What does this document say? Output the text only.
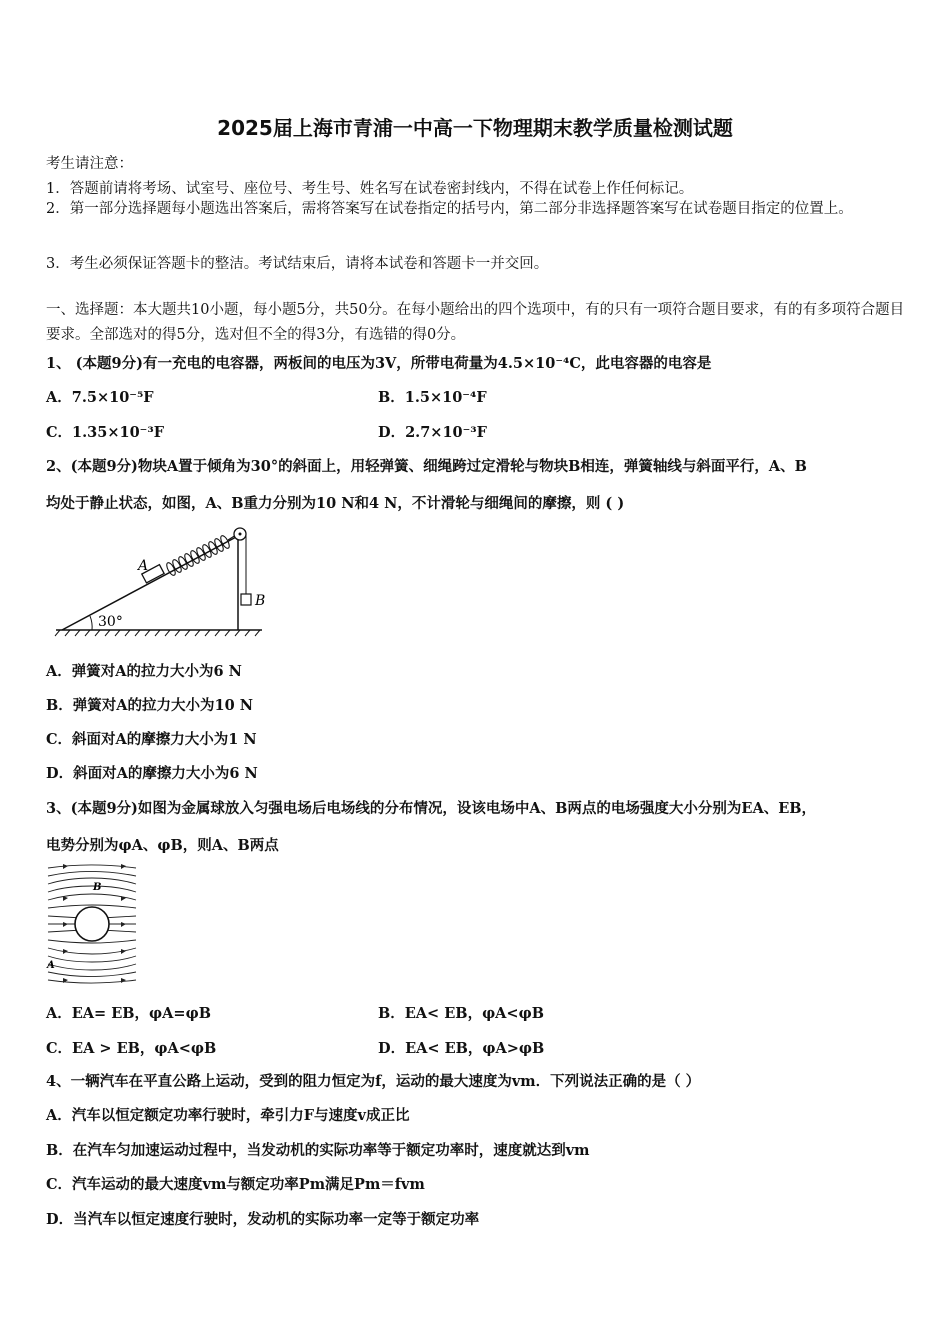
2025届上海市青浦一中高一下物理期末教学质量检测试题
考生请注意：
1．答题前请将考场、试室号、座位号、考生号、姓名写在试卷密封线内，不得在试卷上作任何标记。
2．第一部分选择题每小题选出答案后，需将答案写在试卷指定的括号内，第二部分非选择题答案写在试卷题目指定的位置上。
3．考生必须保证答题卡的整洁。考试结束后，请将本试卷和答题卡一并交回。
一、选择题：本大题共10小题，每小题5分，共50分。在每小题给出的四个选项中，有的只有一项符合题目要求，有的有多项符合题目要求。全部选对的得5分，选对但不全的得3分，有选错的得0分。
1、 (本题9分)有一充电的电容器，两板间的电压为3V，所带电荷量为4.5×10⁻⁴C，此电容器的电容是
A．7.5×10⁻⁵F	B．1.5×10⁻⁴F
C．1.35×10⁻³F	D．2.7×10⁻³F
2、(本题9分)物块A置于倾角为30°的斜面上，用轻弹簧、细绳跨过定滑轮与物块B相连，弹簧轴线与斜面平行，A、B
均处于静止状态，如图，A、B重力分别为10 N和4 N，不计滑轮与细绳间的摩擦，则 ( )
30°
A
B
A．弹簧对A的拉力大小为6 N
B．弹簧对A的拉力大小为10 N
C．斜面对A的摩擦力大小为1 N
D．斜面对A的摩擦力大小为6 N
3、(本题9分)如图为金属球放入匀强电场后电场线的分布情况，设该电场中A、B两点的电场强度大小分别为EA、EB，
电势分别为φA、φB，则A、B两点
B
A
A．EA= EB，φA=φB	B．EA< EB，φA<φB
C．EA > EB，φA<φB	D．EA< EB，φA>φB
4、一辆汽车在平直公路上运动，受到的阻力恒定为f，运动的最大速度为vm．下列说法正确的是（ ）
A．汽车以恒定额定功率行驶时，牵引力F与速度v成正比
B．在汽车匀加速运动过程中，当发动机的实际功率等于额定功率时，速度就达到vm
C．汽车运动的最大速度vm与额定功率Pm满足Pm＝fvm
D．当汽车以恒定速度行驶时，发动机的实际功率一定等于额定功率
